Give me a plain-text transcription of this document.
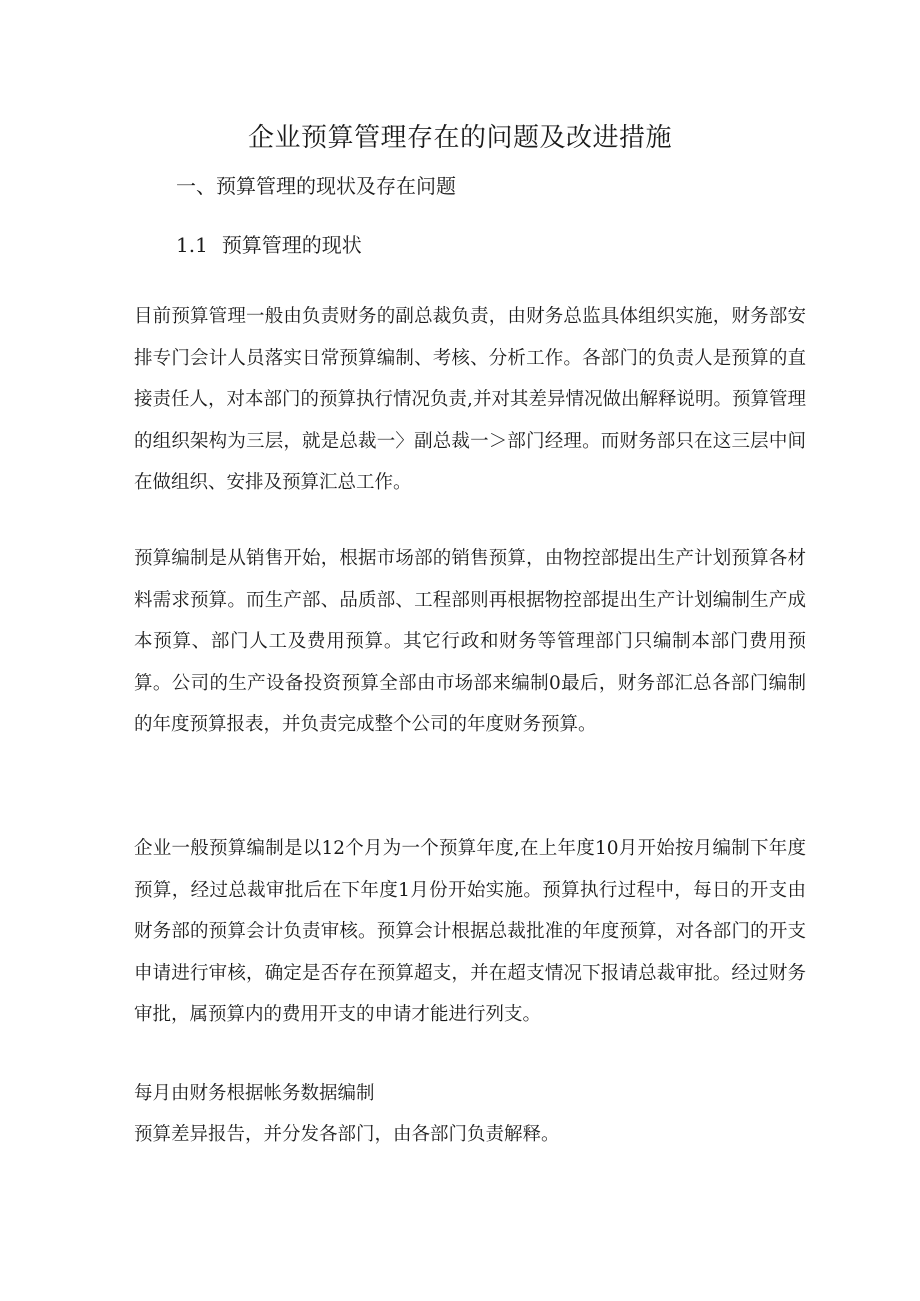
企业预算管理存在的问题及改进措施
一、预算管理的现状及存在问题
1.1 预算管理的现状

目前预算管理一般由负责财务的副总裁负责，由财务总监具体组织实施，财务部安排专门会计人员落实日常预算编制、考核、分析工作。各部门的负责人是预算的直接责任人，对本部门的预算执行情况负责,并对其差异情况做出解释说明。预算管理的组织架构为三层，就是总裁一〉副总裁一＞部门经理。而财务部只在这三层中间在做组织、安排及预算汇总工作。

预算编制是从销售开始，根据市场部的销售预算，由物控部提出生产计划预算各材料需求预算。而生产部、品质部、工程部则再根据物控部提出生产计划编制生产成本预算、部门人工及费用预算。其它行政和财务等管理部门只编制本部门费用预算。公司的生产设备投资预算全部由市场部来编制0最后，财务部汇总各部门编制的年度预算报表，并负责完成整个公司的年度财务预算。

企业一般预算编制是以12个月为一个预算年度,在上年度10月开始按月编制下年度预算，经过总裁审批后在下年度1月份开始实施。预算执行过程中，每日的开支由财务部的预算会计负责审核。预算会计根据总裁批准的年度预算，对各部门的开支申请进行审核，确定是否存在预算超支，并在超支情况下报请总裁审批。经过财务审批，属预算内的费用开支的申请才能进行列支。

每月由财务根据帐务数据编制

预算差异报告，并分发各部门，由各部门负责解释。
